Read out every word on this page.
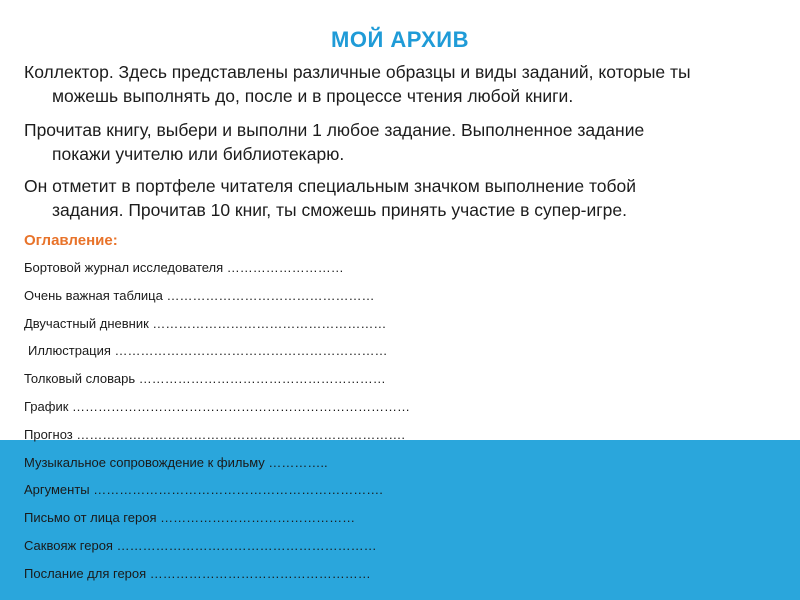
МОЙ АРХИВ
Коллектор. Здесь представлены различные образцы и виды заданий, которые ты
можешь выполнять до, после и в процессе чтения любой книги.
Прочитав книгу, выбери и выполни 1 любое задание. Выполненное задание
покажи учителю или библиотекарю.
Он отметит в портфеле читателя специальным значком выполнение тобой
задания. Прочитав 10 книг, ты сможешь принять участие в супер-игре.
Оглавление:
Бортовой журнал исследователя ………………………
Очень важная таблица …………………………………………
Двучастный дневник ………………………………………………
Иллюстрация ………………………………………………………
Толковый словарь …………………………………………………
График ……………………………………………………………………
Прогноз ………………………………………………………………….
Музыкальное сопровождение к фильму …………..
Аргументы ………………………………………………………….
Письмо от лица героя ………………………………………
Саквояж героя ……………………………………………………
Послание для героя ……………………………………………
